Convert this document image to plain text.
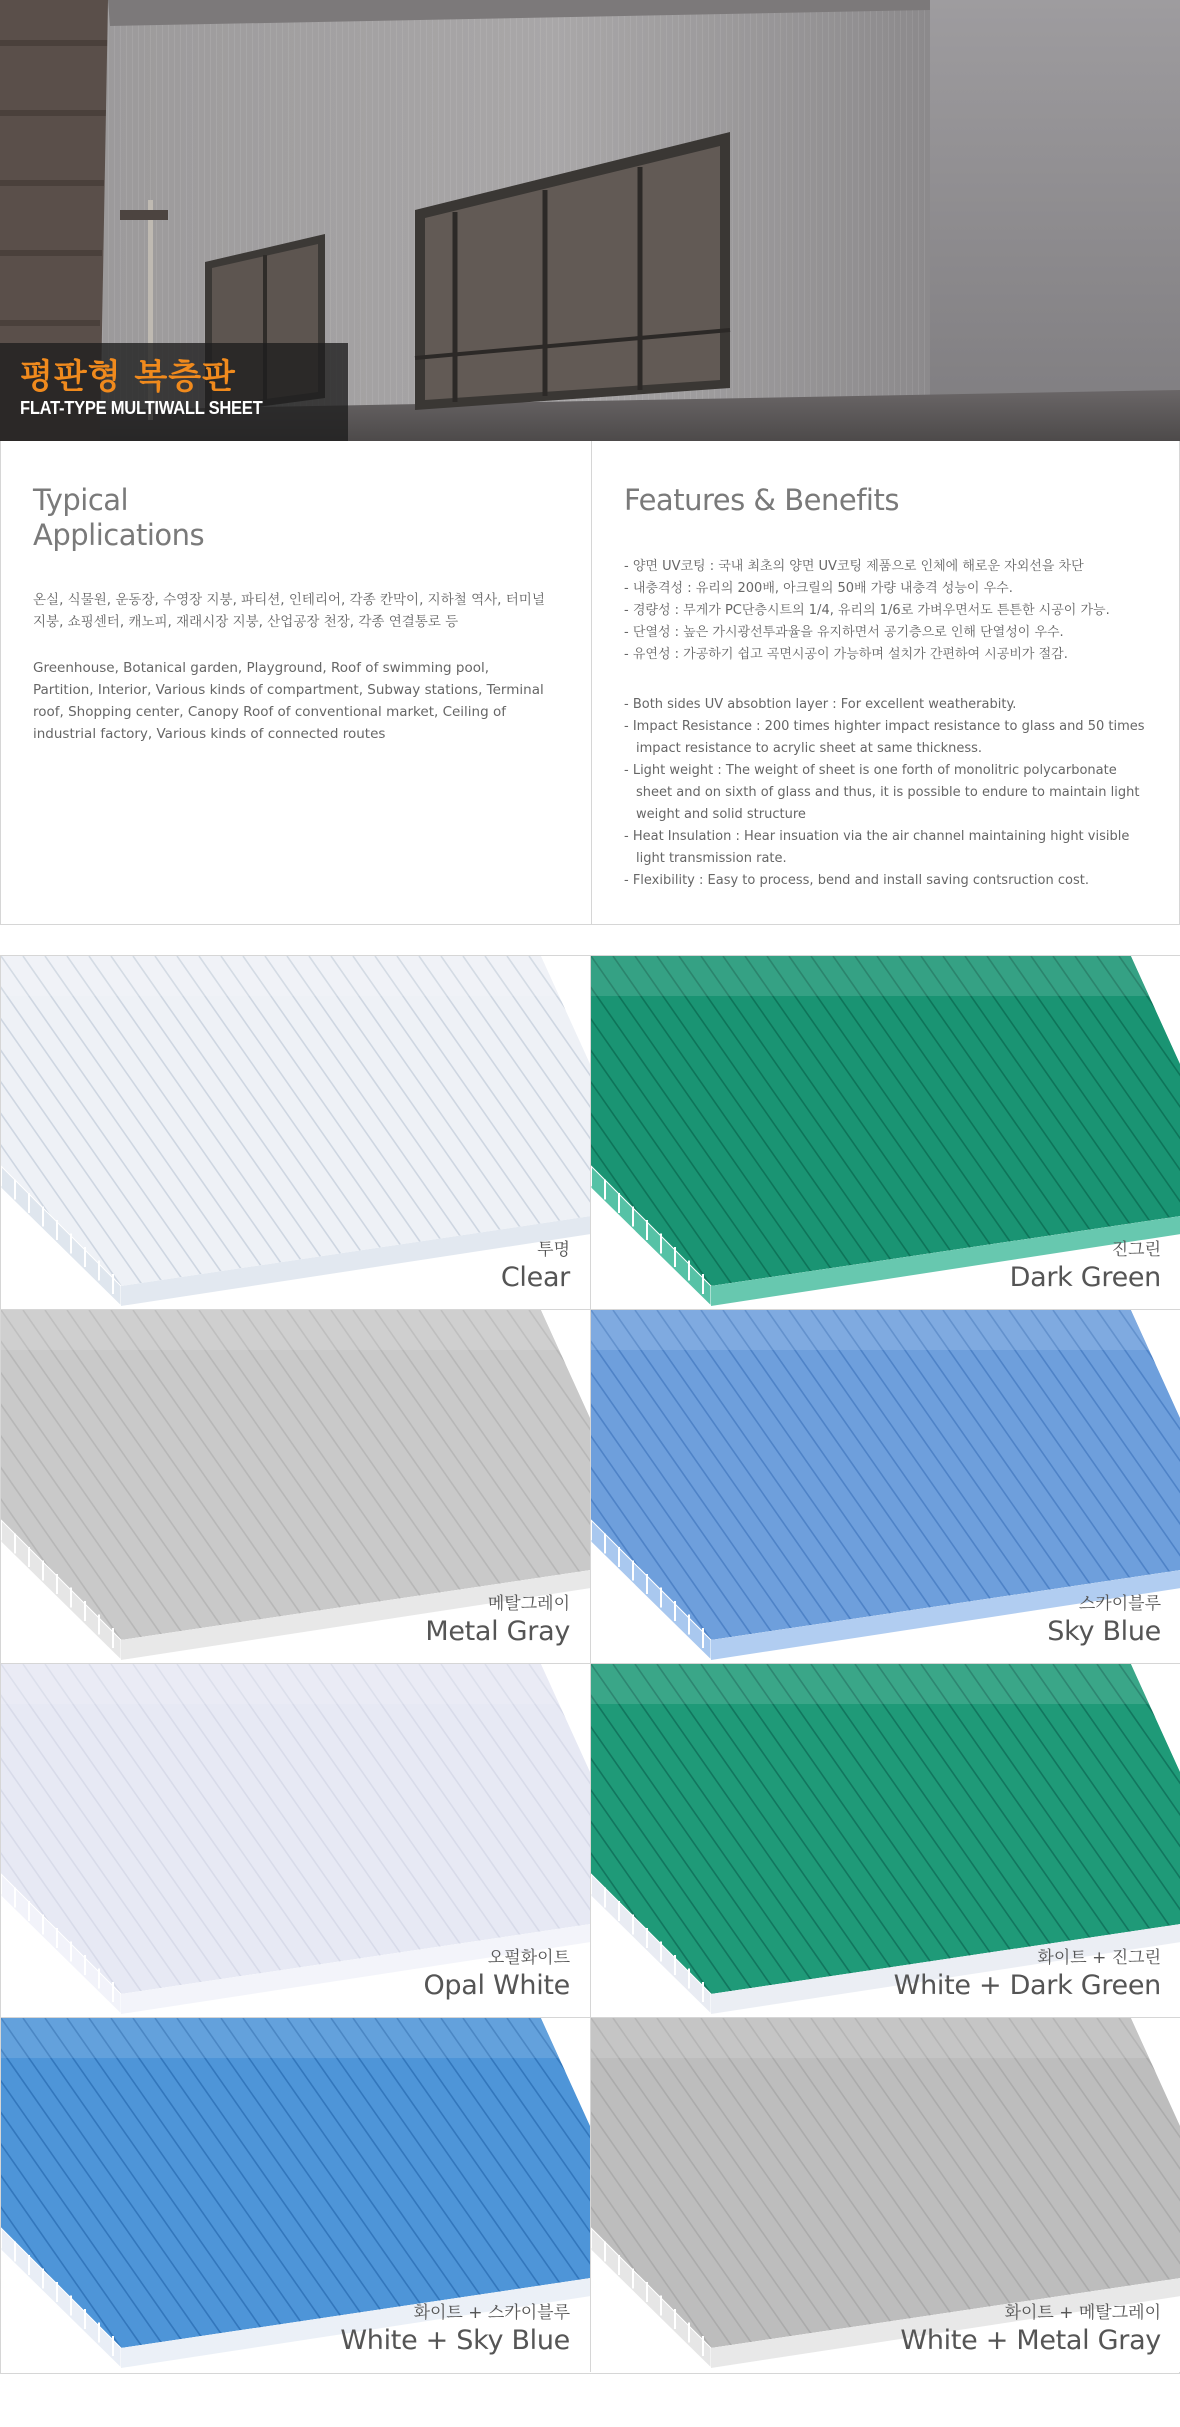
평판형 복층판
FLAT-TYPE MULTIWALL SHEET
Typical
Applications

온실, 식물원, 운동장, 수영장 지붕, 파티션, 인테리어, 각종 칸막이, 지하철 역사, 터미널 지붕, 쇼핑센터, 캐노피, 재래시장 지붕, 산업공장 천장, 각종 연결통로 등

Greenhouse, Botanical garden, Playground, Roof of swimming pool, Partition, Interior, Various kinds of compartment, Subway stations, Terminal roof, Shopping center, Canopy Roof of conventional market, Ceiling of industrial factory, Various kinds of connected routes

Features & Benefits
- 양면 UV코팅 : 국내 최초의 양면 UV코팅 제품으로 인체에 해로운 자외선을 차단
- 내충격성 : 유리의 200배, 아크릴의 50배 가량 내충격 성능이 우수.
- 경량성 : 무게가 PC단층시트의 1/4, 유리의 1/6로 가벼우면서도 튼튼한 시공이 가능.
- 단열성 : 높은 가시광선투과율을 유지하면서 공기층으로 인해 단열성이 우수.
- 유연성 : 가공하기 쉽고 곡면시공이 가능하며 설치가 간편하여 시공비가 절감.
- Both sides UV absobtion layer : For excellent weatherabity.
- Impact Resistance : 200 times highter impact resistance to glass and 50 times impact resistance to acrylic sheet at same thickness.
- Light weight : The weight of sheet is one forth of monolitric polycarbonate sheet and on sixth of glass and thus, it is possible to endure to maintain light weight and solid structure
- Heat Insulation : Hear insuation via the air channel maintaining hight visible light transmission rate.
- Flexibility : Easy to process, bend and install saving contsruction cost.
투명
Clear
진그린
Dark Green
메탈그레이
Metal Gray
스카이블루
Sky Blue
오펄화이트
Opal White
화이트 + 진그린
White + Dark Green
화이트 + 스카이블루
White + Sky Blue
화이트 + 메탈그레이
White + Metal Gray
